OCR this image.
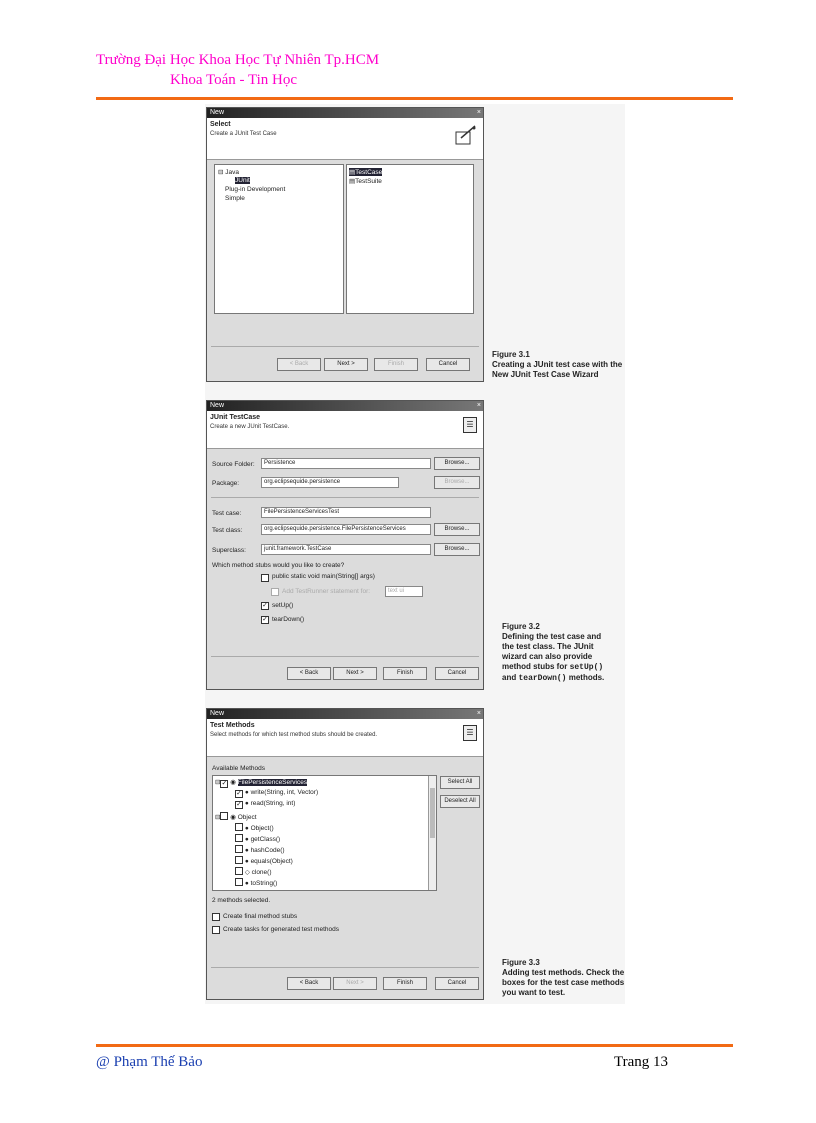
Trường Đại Học Khoa Học Tự Nhiên Tp.HCM
Khoa Toán - Tin Học
New	×
Select
Create a JUnit Test Case
⊟ Java
JUnit
Plug-in Development
Simple
▤TestCase
▤TestSuite
< Back	Next >	Finish	Cancel
Figure 3.1
Creating a JUnit test case with the New JUnit Test Case Wizard
New	×
JUnit TestCase
Create a new JUnit TestCase.	☰
Source Folder:	Persistence	Browse...
Package:	org.eclipsequide.persistence	Browse...
Test case:	FilePersistenceServicesTest
Test class:	org.eclipsequide.persistence.FilePersistenceServices	Browse...
Superclass:	junit.framework.TestCase	Browse...
Which method stubs would you like to create?
public static void main(String[] args)
Add TestRunner statement for:	text ui
✓ setUp()
✓ tearDown()
< Back	Next >	Finish	Cancel
Figure 3.2
Defining the test case and
the test class. The JUnit
wizard can also provide
method stubs for setUp()
and tearDown() methods.
New	×
Test Methods
Select methods for which test method stubs should be created.	☰
Available Methods
⊟✓ ◉ FilePersistenceServices
✓ ● write(String, int, Vector)
✓ ● read(String, int)
⊟ ◉ Object
● Object()
● getClass()
● hashCode()
● equals(Object)
◇ clone()
● toString()
Select All
Deselect All
2 methods selected.
Create final method stubs
Create tasks for generated test methods
< Back	Next >	Finish	Cancel
Figure 3.3
Adding test methods. Check the boxes for the test case methods you want to test.
@ Phạm Thế Bảo	Trang 13
